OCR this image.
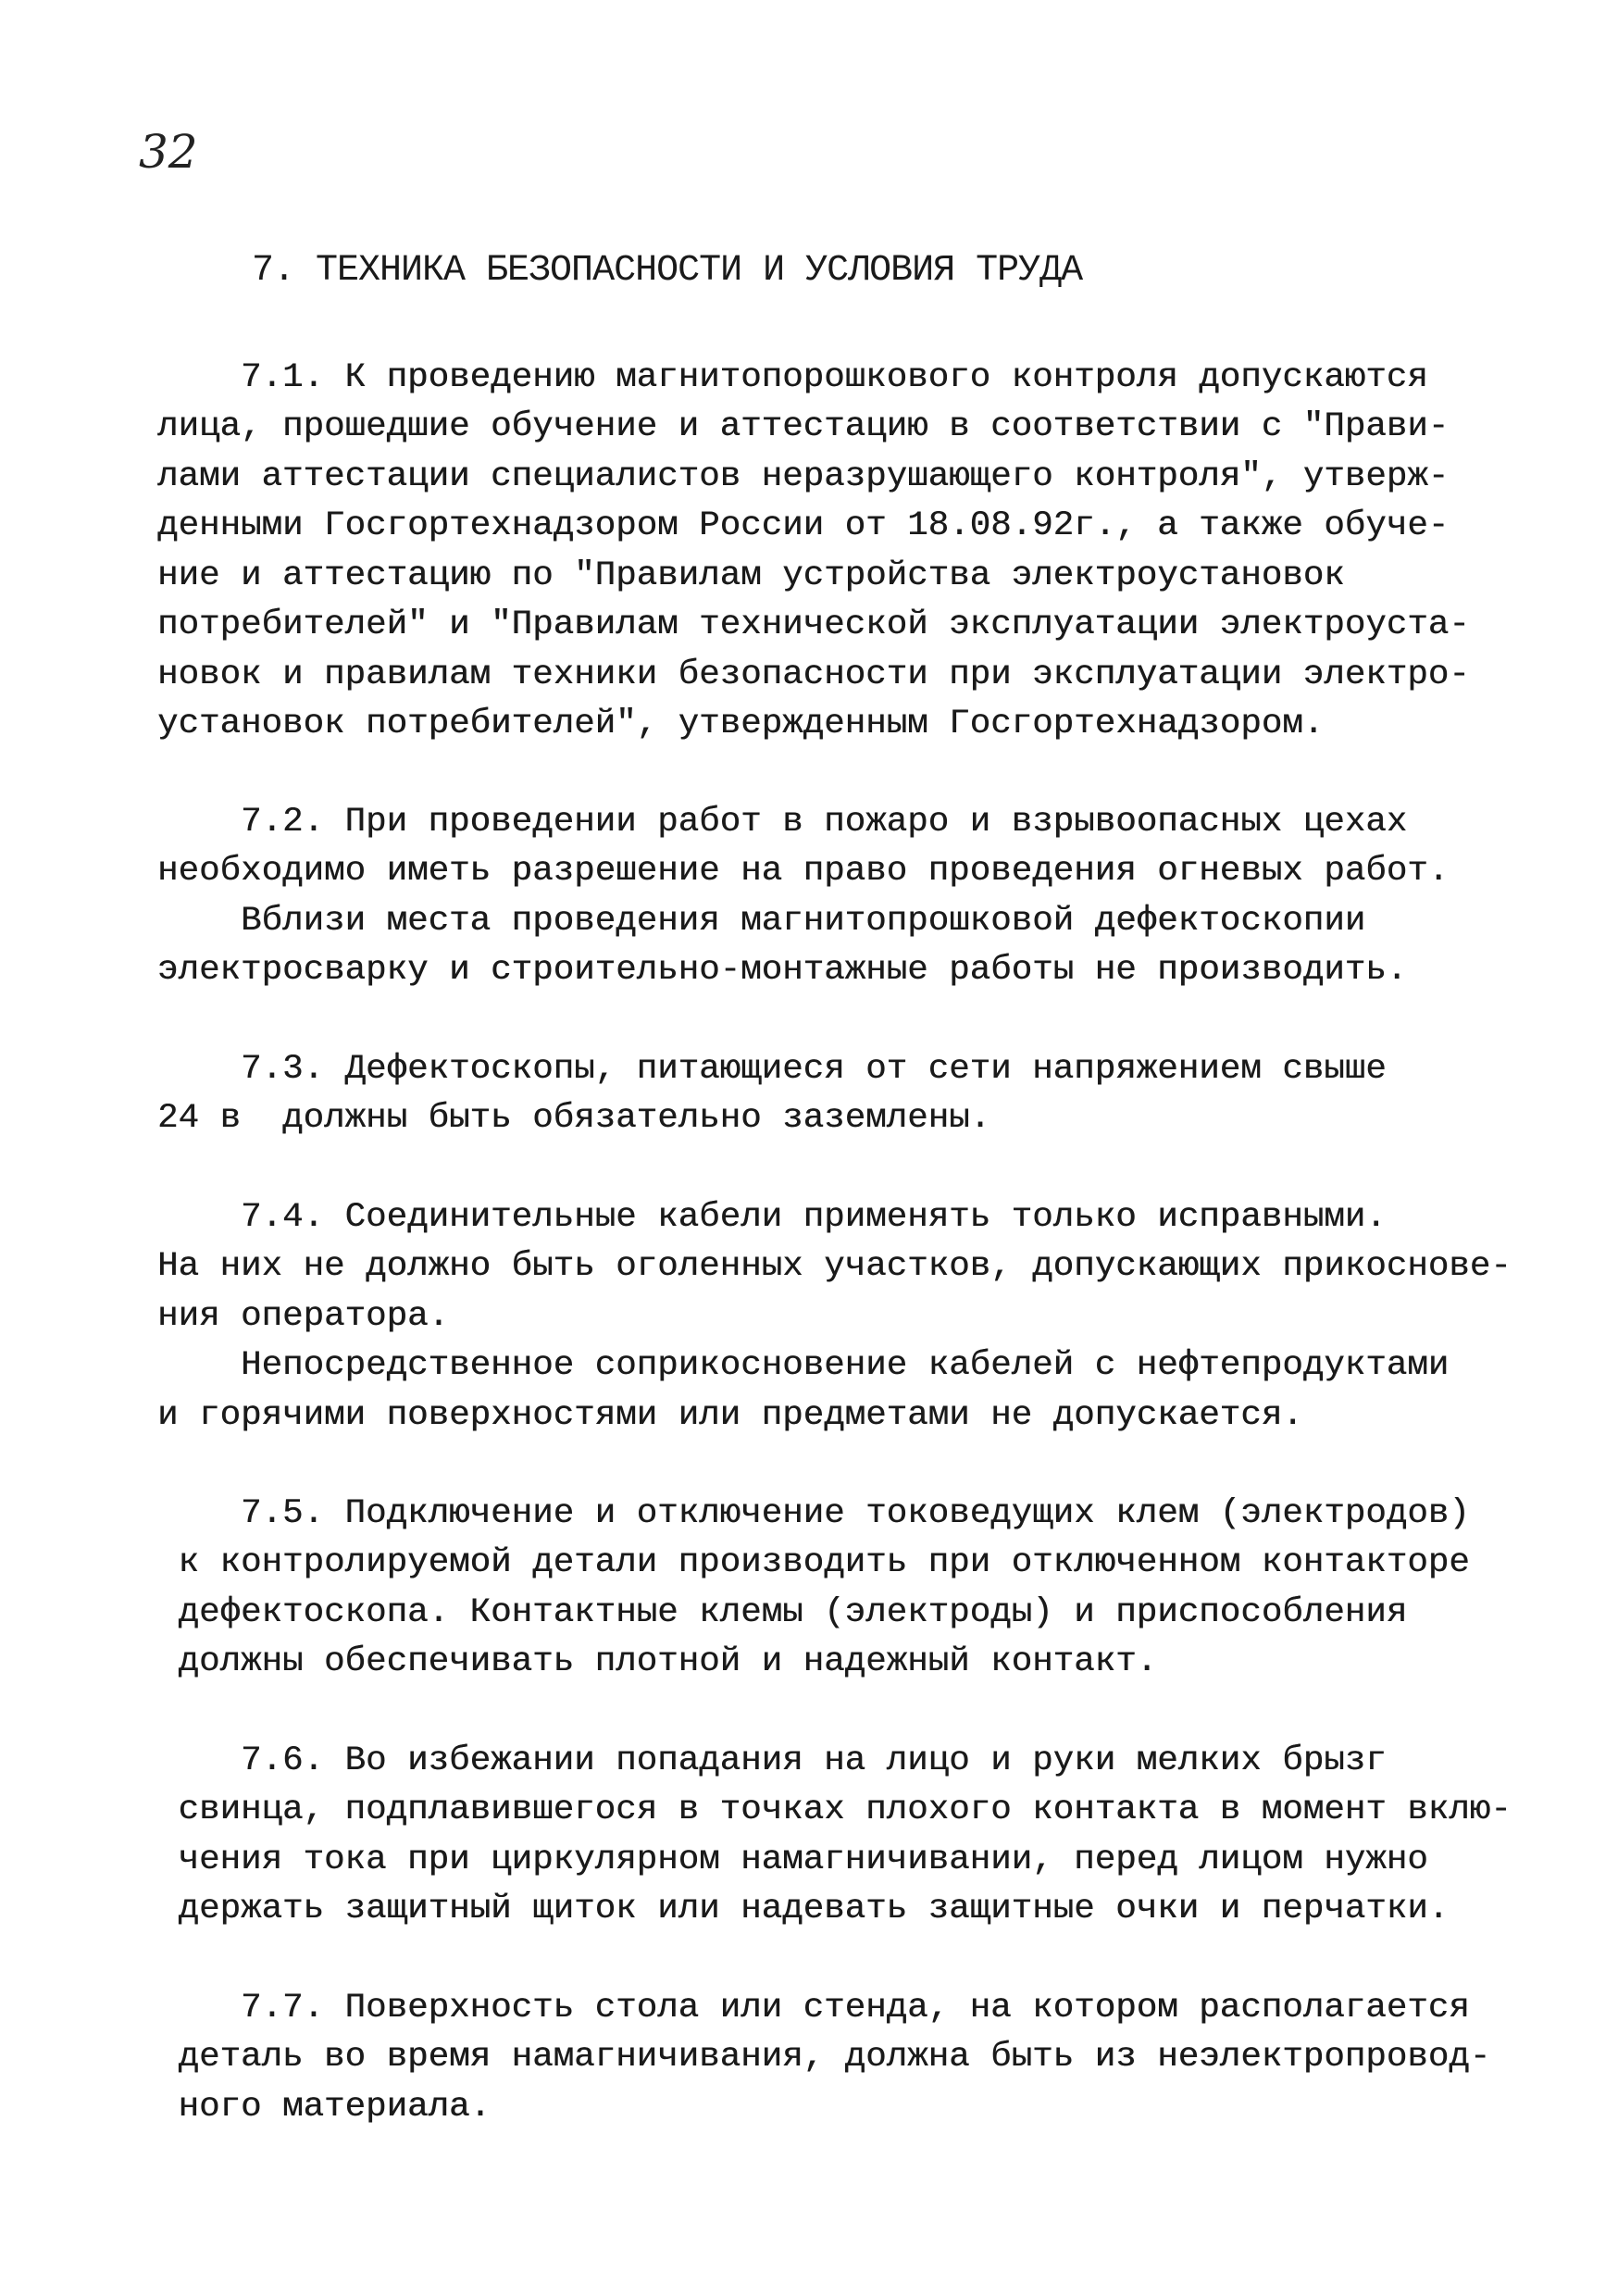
32
7. ТЕХНИКА БЕЗОПАСНОСТИ И УСЛОВИЯ ТРУДА
7.1. К проведению магнитопорошкового контроля допускаются
лица, прошедшие обучение и аттестацию в соответствии с "Прави-
лами аттестации специалистов неразрушающего контроля", утверж-
денными Госгортехнадзором России от 18.08.92г., а также обуче-
ние и аттестацию по "Правилам устройства электроустановок
потребителей" и "Правилам технической эксплуатации электроуста-
новок и правилам техники безопасности при эксплуатации электро-
установок потребителей", утвержденным Госгортехнадзором.
7.2. При проведении работ в пожаро и взрывоопасных цехах
необходимо иметь разрешение на право проведения огневых работ.
Вблизи места проведения магнитопрошковой дефектоскопии
электросварку и строительно-монтажные работы не производить.
7.3. Дефектоскопы, питающиеся от сети напряжением свыше
24 в  должны быть обязательно заземлены.
7.4. Соединительные кабели применять только исправными.
На них не должно быть оголенных участков, допускающих прикоснове-
ния оператора.
Непосредственное соприкосновение кабелей с нефтепродуктами
и горячими поверхностями или предметами не допускается.
7.5. Подключение и отключение токоведущих клем (электродов)
к контролируемой детали производить при отключенном контакторе
дефектоскопа. Контактные клемы (электроды) и приспособления
должны обеспечивать плотной и надежный контакт.
7.6. Во избежании попадания на лицо и руки мелких брызг
свинца, подплавившегося в точках плохого контакта в момент вклю-
чения тока при циркулярном намагничивании, перед лицом нужно
держать защитный щиток или надевать защитные очки и перчатки.
7.7. Поверхность стола или стенда, на котором располагается
деталь во время намагничивания, должна быть из неэлектропровод-
ного материала.
